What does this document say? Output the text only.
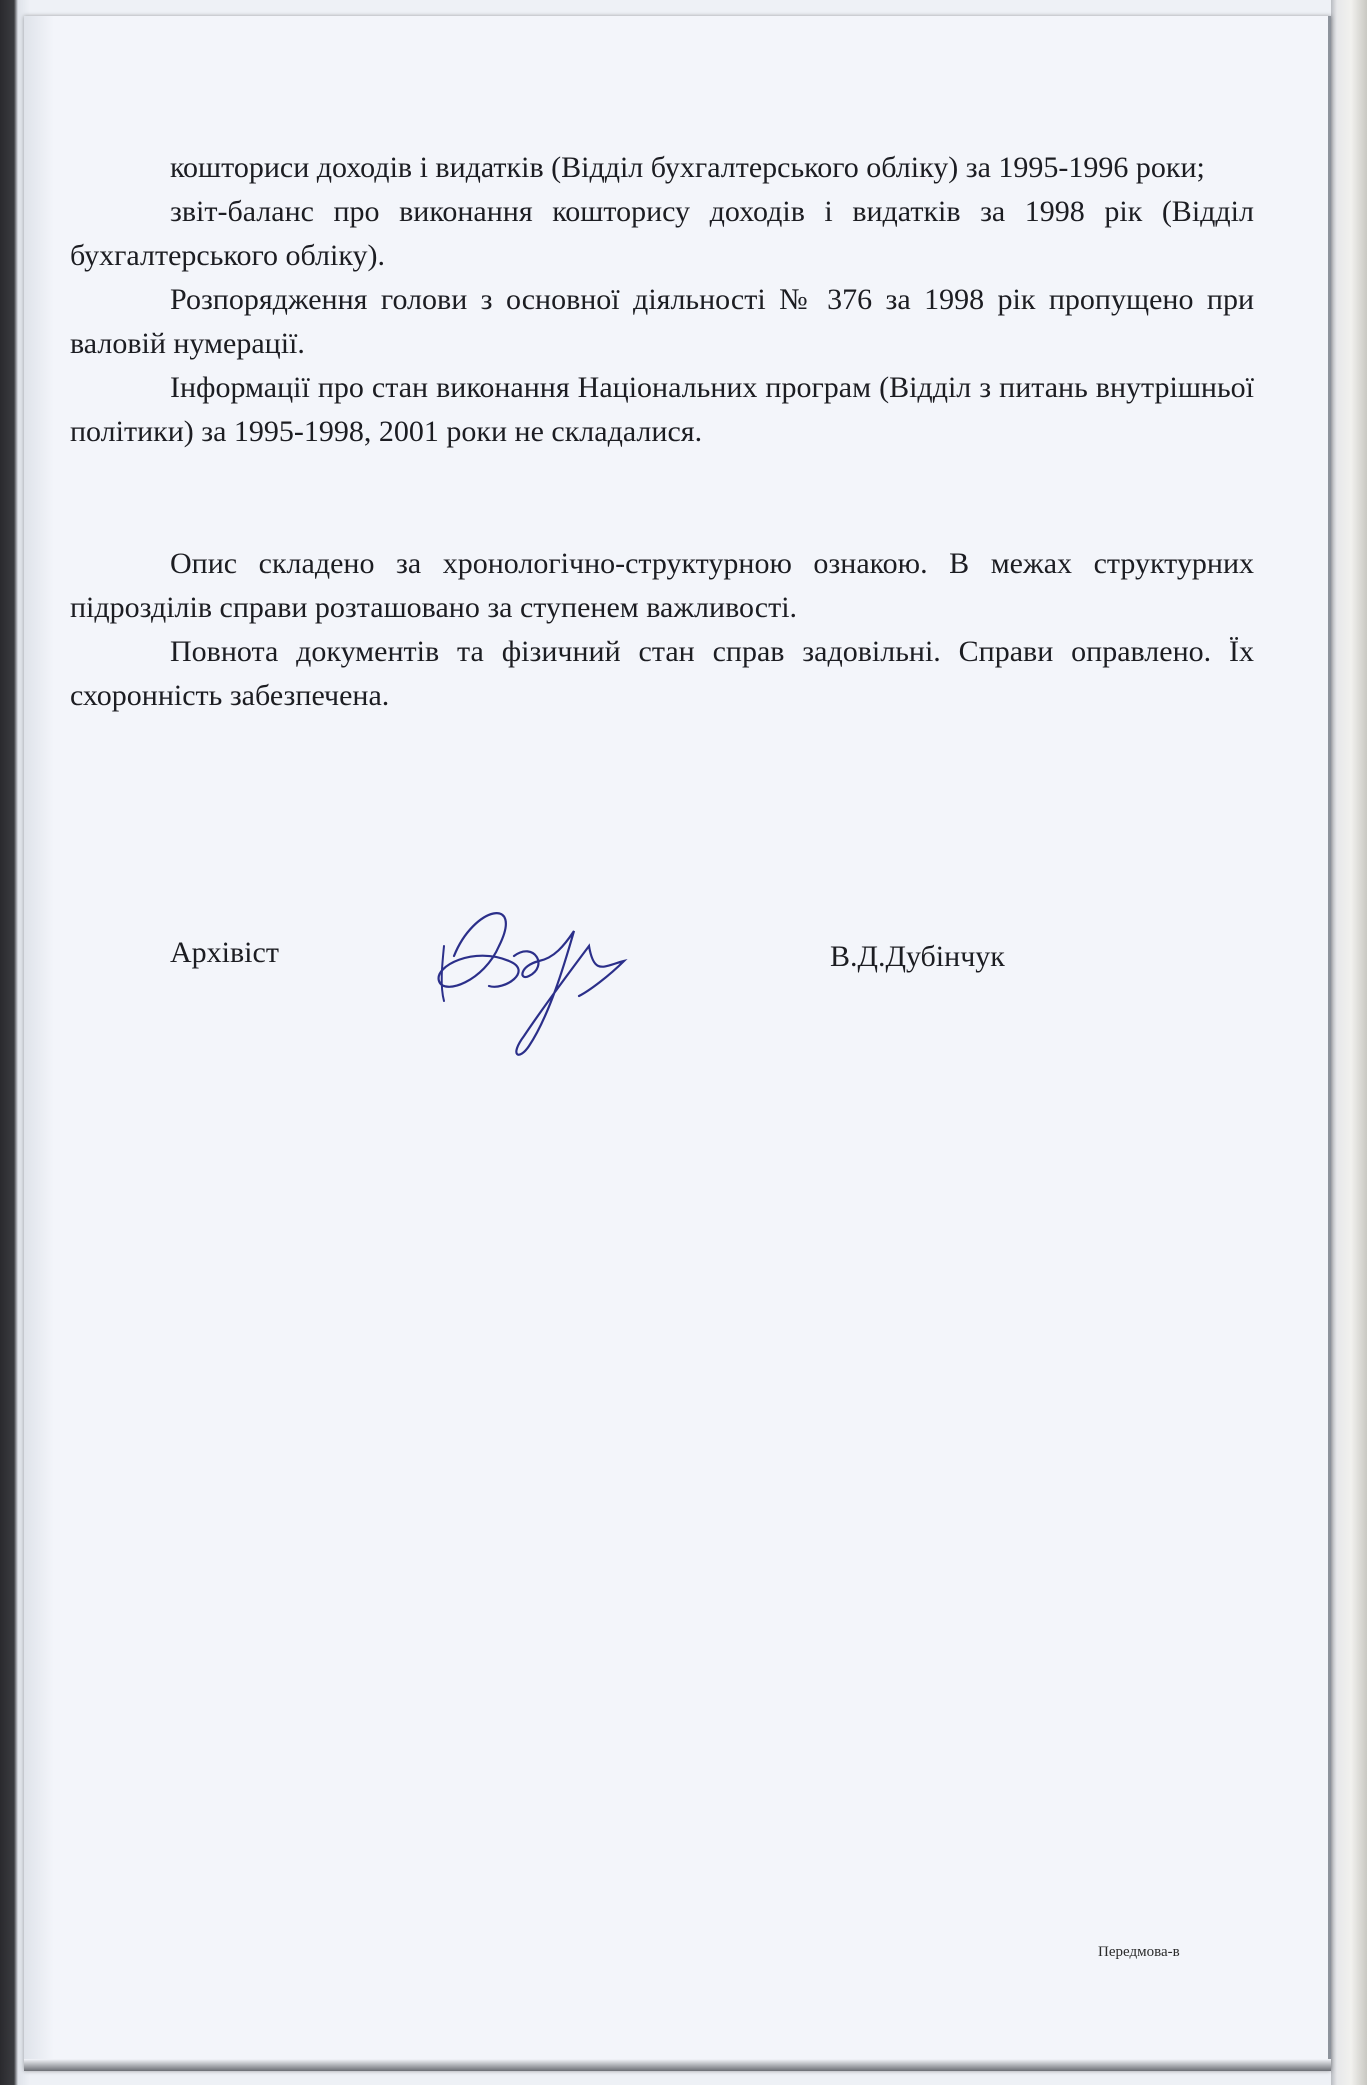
кошториси доходів і видатків (Відділ бухгалтерського обліку) за 1995-1996 роки;

звіт-баланс про виконання кошторису доходів і видатків за 1998 рік (Відділ бухгалтерського обліку).

Розпорядження голови з основної діяльності № 376 за 1998 рік пропущено при валовій нумерації.

Інформації про стан виконання Національних програм (Відділ з питань внутрішньої політики) за 1995-1998, 2001 роки не складалися.

Опис складено за хронологічно-структурною ознакою. В межах структурних підрозділів справи розташовано за ступенем важливості.

Повнота документів та фізичний стан справ задовільні. Справи оправлено. Їх схоронність забезпечена.

Архівіст	В.Д.Дубінчук
Передмова-в
